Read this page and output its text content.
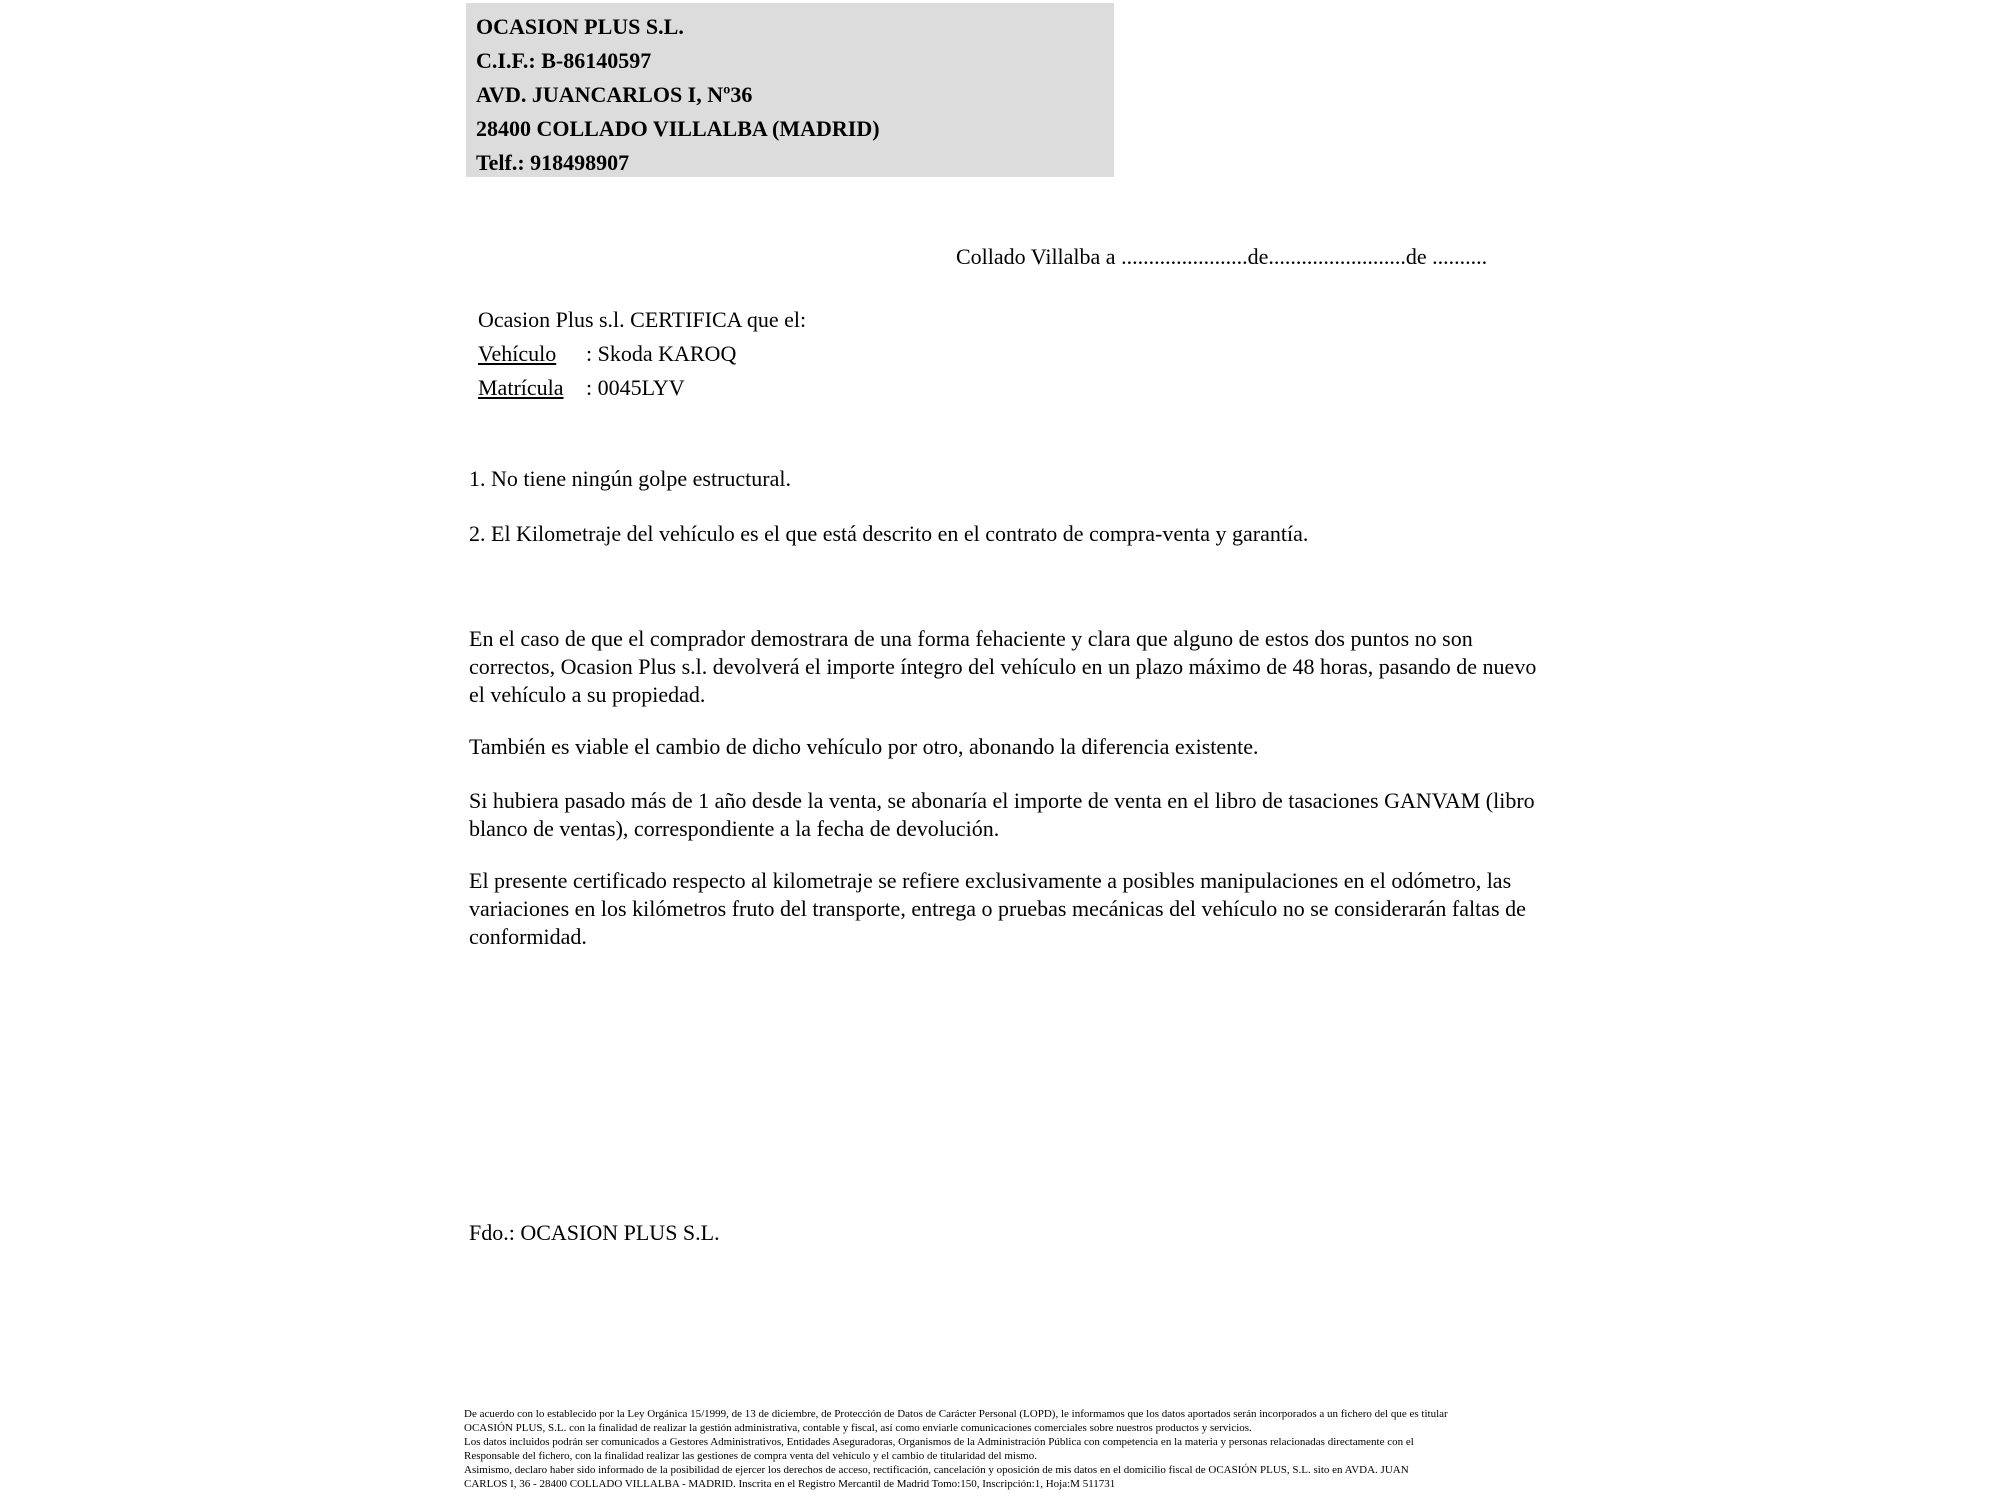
OCASION PLUS S.L.
C.I.F.: B-86140597
AVD. JUANCARLOS I, Nº36
28400 COLLADO VILLALBA (MADRID)
Telf.: 918498907
Collado Villalba a .......................de.........................de ..........
Ocasion Plus s.l. CERTIFICA que el:
Vehículo : Skoda KAROQ
Matrícula : 0045LYV
1. No tiene ningún golpe estructural.
2. El Kilometraje del vehículo es el que está descrito en el contrato de compra-venta y garantía.
En el caso de que el comprador demostrara de una forma fehaciente y clara que alguno de estos dos puntos no son correctos, Ocasion Plus s.l. devolverá el importe íntegro del vehículo en un plazo máximo de 48 horas, pasando de nuevo el vehículo a su propiedad.
También es viable el cambio de dicho vehículo por otro, abonando la diferencia existente.
Si hubiera pasado más de 1 año desde la venta, se abonaría el importe de venta en el libro de tasaciones GANVAM (libro blanco de ventas), correspondiente a la fecha de devolución.
El presente certificado respecto al kilometraje se refiere exclusivamente a posibles manipulaciones en el odómetro, las variaciones en los kilómetros fruto del transporte, entrega o pruebas mecánicas del vehículo no se considerarán faltas de conformidad.
Fdo.: OCASION PLUS S.L.
De acuerdo con lo establecido por la Ley Orgánica 15/1999, de 13 de diciembre, de Protección de Datos de Carácter Personal (LOPD), le informamos que los datos aportados serán incorporados a un fichero del que es titular
OCASIÓN PLUS, S.L. con la finalidad de realizar la gestión administrativa, contable y fiscal, así como enviarle comunicaciones comerciales sobre nuestros productos y servicios.
Los datos incluidos podrán ser comunicados a Gestores Administrativos, Entidades Aseguradoras, Organismos de la Administración Pública con competencia en la materia y personas relacionadas directamente con el
Responsable del fichero, con la finalidad realizar las gestiones de compra venta del vehículo y el cambio de titularidad del mismo.
Asimismo, declaro haber sido informado de la posibilidad de ejercer los derechos de acceso, rectificación, cancelación y oposición de mis datos en el domicilio fiscal de OCASIÓN PLUS, S.L. sito en AVDA. JUAN
CARLOS I, 36 - 28400 COLLADO VILLALBA - MADRID. Inscrita en el Registro Mercantil de Madrid Tomo:150, Inscripción:1, Hoja:M 511731
